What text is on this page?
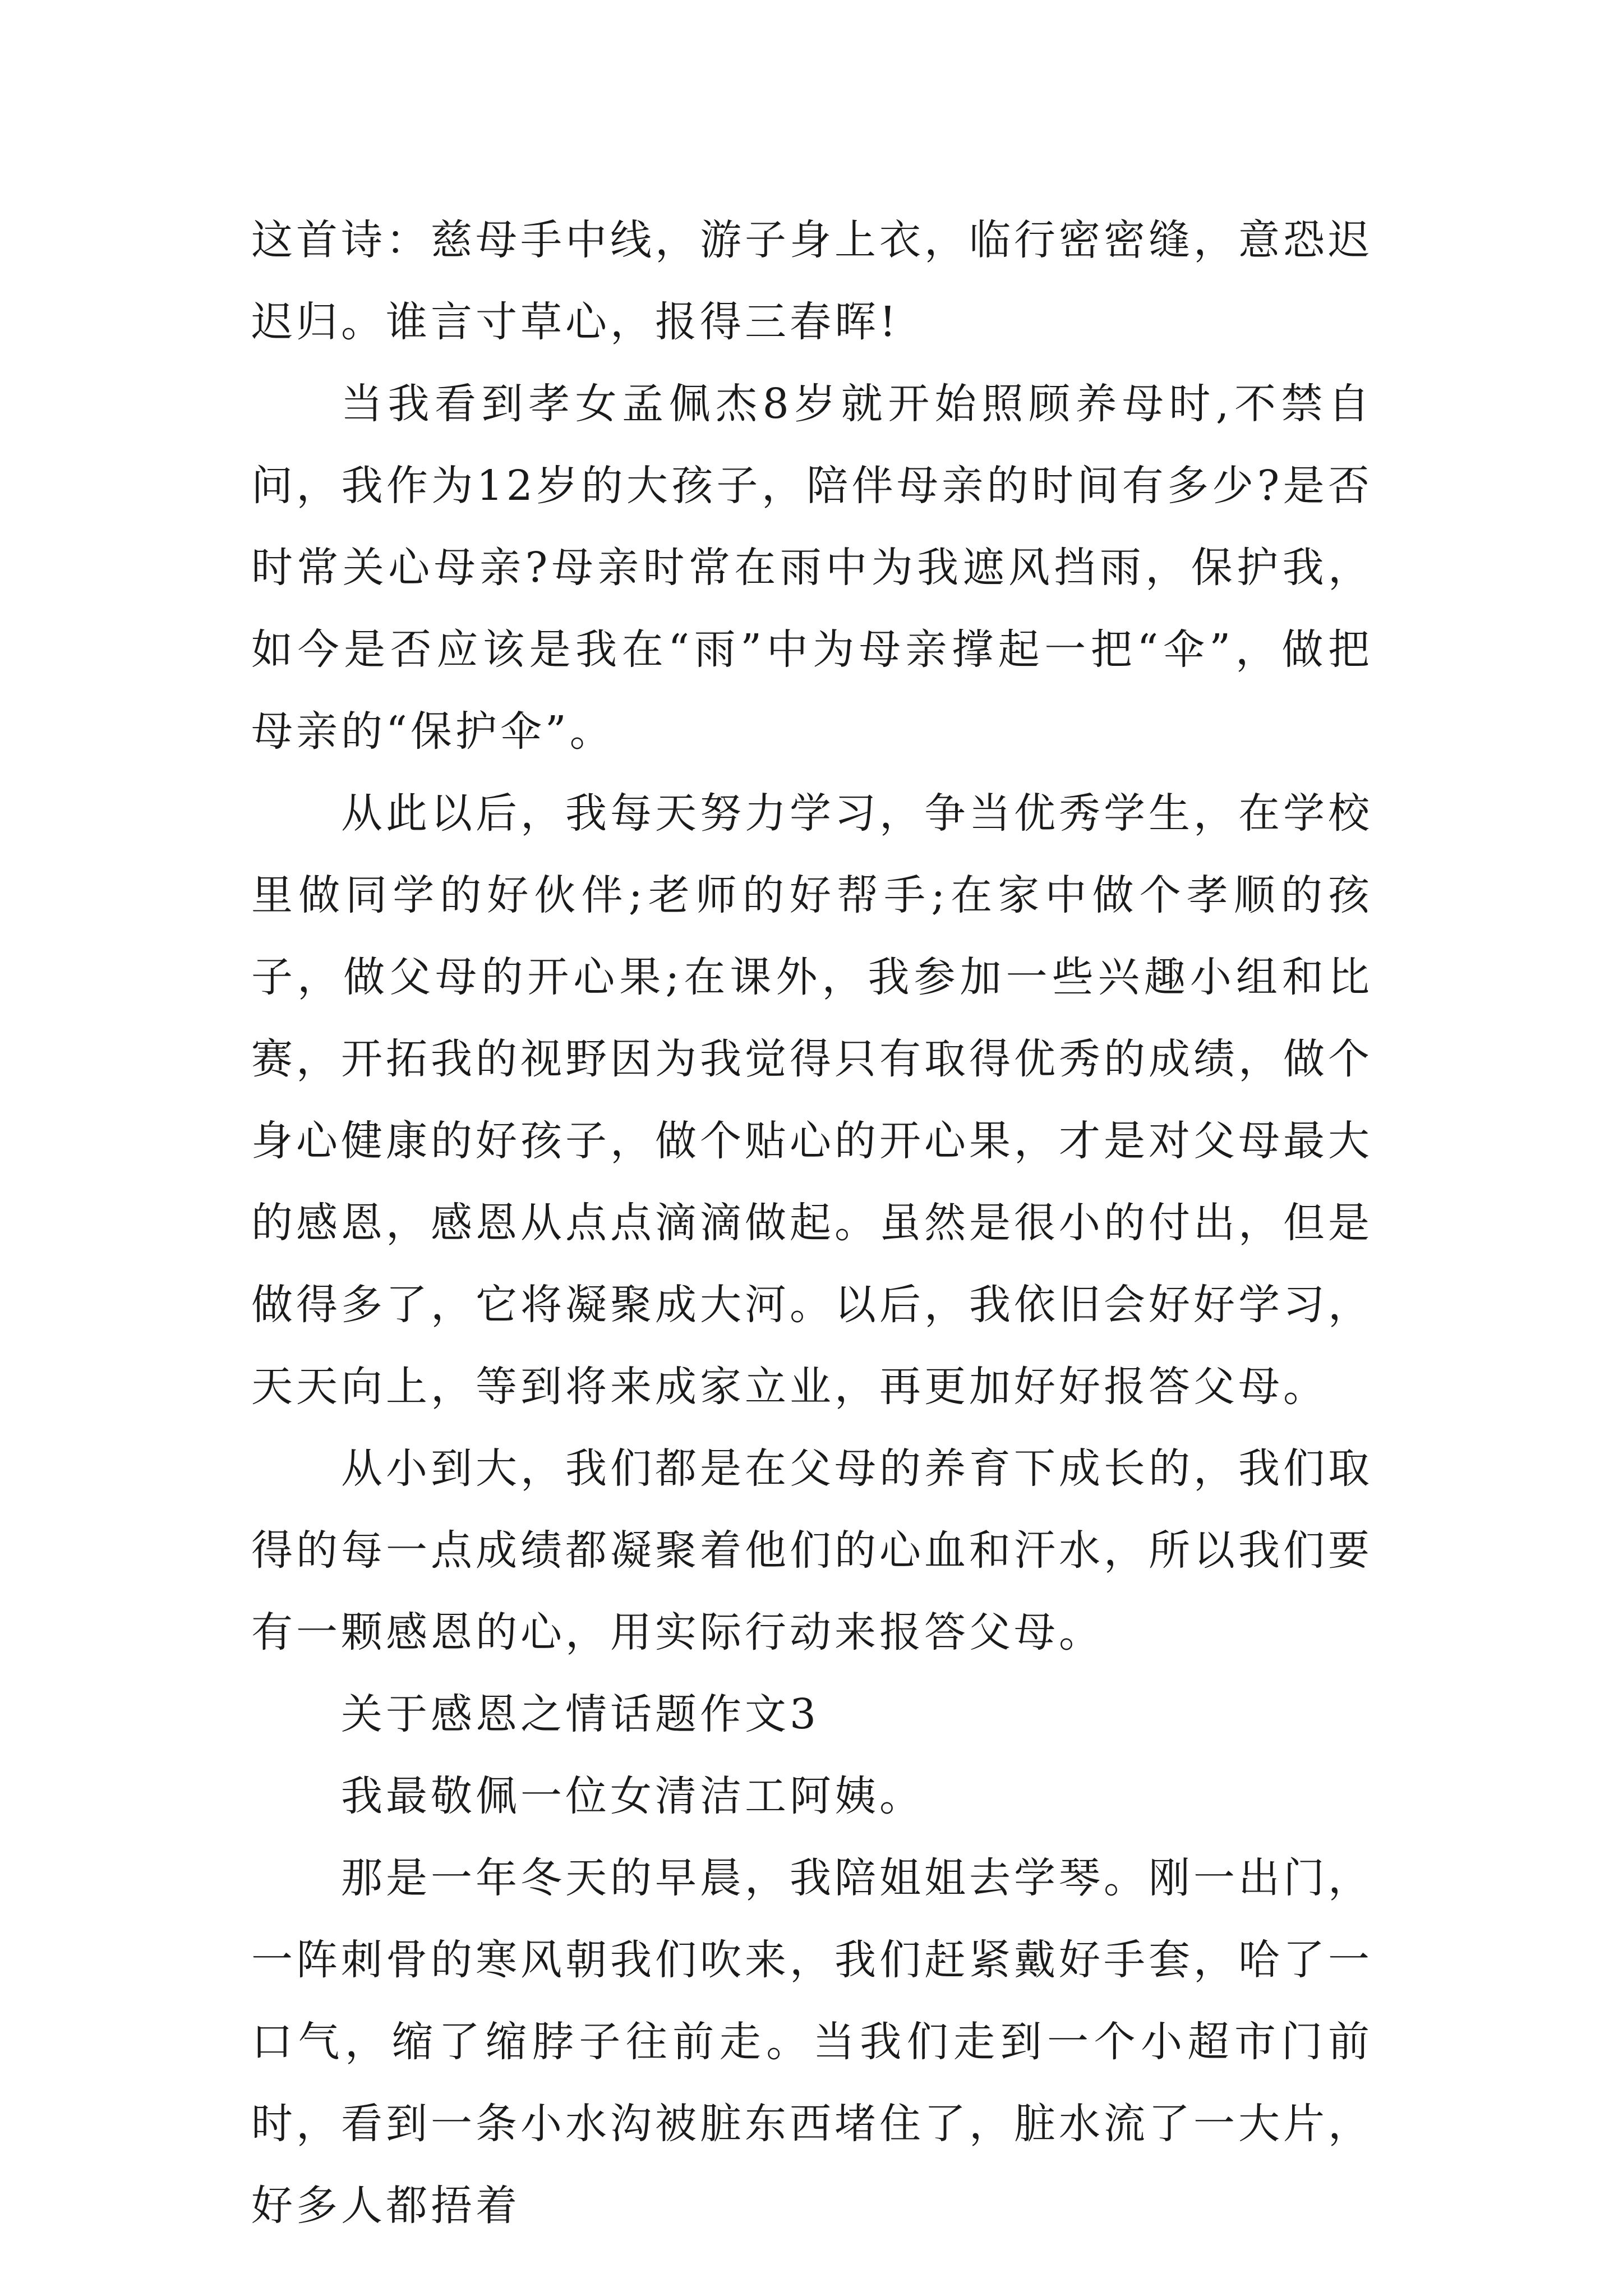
这首诗：慈母手中线，游子身上衣，临行密密缝，意恐迟迟归。谁言寸草心，报得三春晖!

当我看到孝女孟佩杰8岁就开始照顾养母时,不禁自问，我作为12岁的大孩子，陪伴母亲的时间有多少?是否时常关心母亲?母亲时常在雨中为我遮风挡雨，保护我，如今是否应该是我在“雨”中为母亲撑起一把“伞”，做把母亲的“保护伞”。

从此以后，我每天努力学习，争当优秀学生，在学校里做同学的好伙伴;老师的好帮手;在家中做个孝顺的孩子，做父母的开心果;在课外，我参加一些兴趣小组和比赛，开拓我的视野因为我觉得只有取得优秀的成绩，做个身心健康的好孩子，做个贴心的开心果，才是对父母最大的感恩，感恩从点点滴滴做起。虽然是很小的付出，但是做得多了，它将凝聚成大河。以后，我依旧会好好学习，天天向上，等到将来成家立业，再更加好好报答父母。

从小到大，我们都是在父母的养育下成长的，我们取得的每一点成绩都凝聚着他们的心血和汗水，所以我们要有一颗感恩的心，用实际行动来报答父母。

关于感恩之情话题作文3

我最敬佩一位女清洁工阿姨。

那是一年冬天的早晨，我陪姐姐去学琴。刚一出门，一阵刺骨的寒风朝我们吹来，我们赶紧戴好手套，哈了一口气，缩了缩脖子往前走。当我们走到一个小超市门前时，看到一条小水沟被脏东西堵住了，脏水流了一大片，好多人都捂着
